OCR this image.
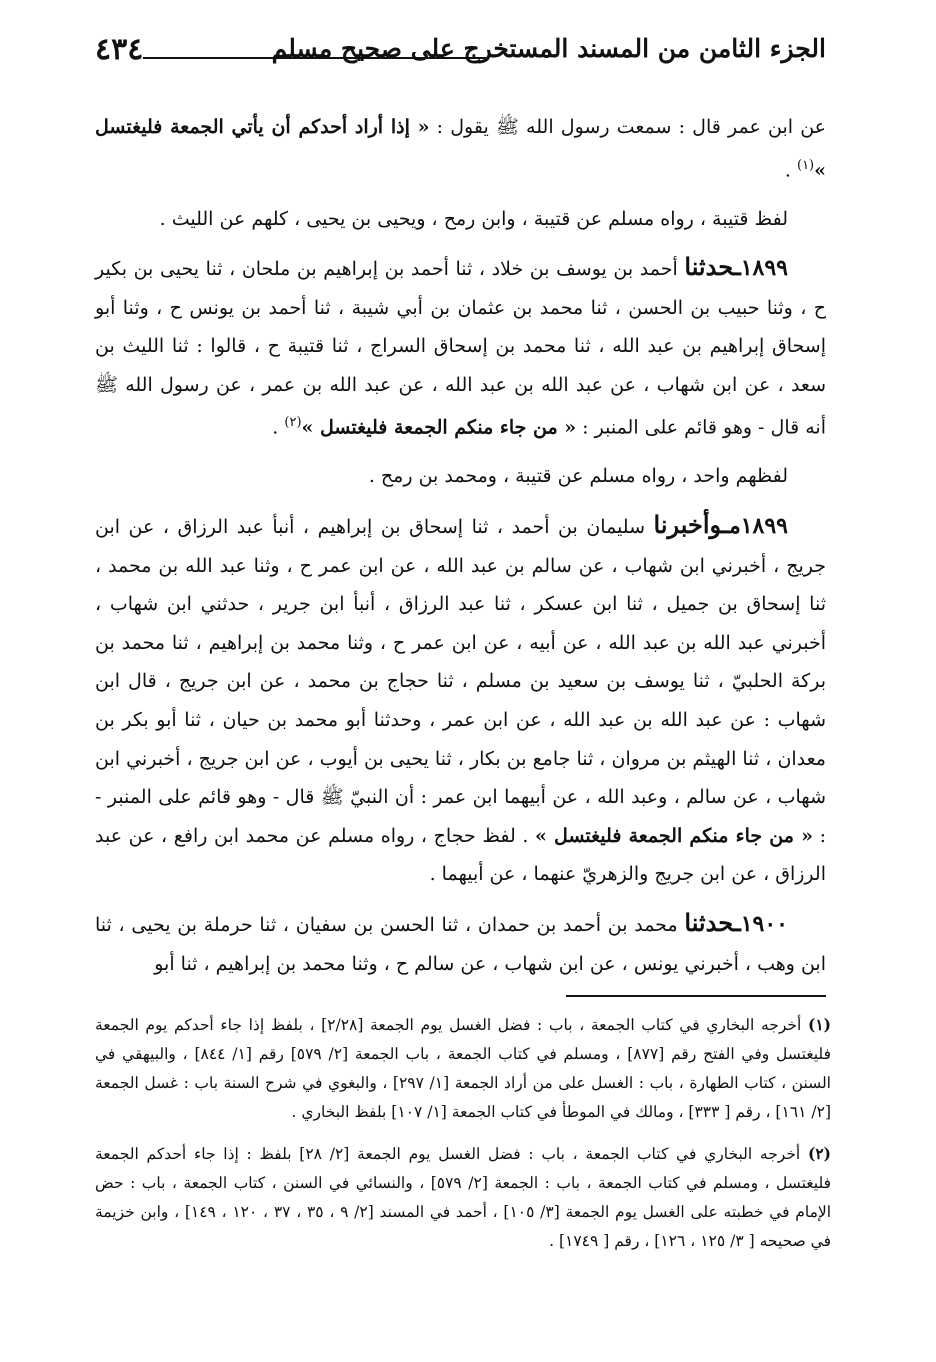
الجزء الثامن من المسند المستخرج على صحيح مسلم
٤٣٤

عن ابن عمر قال : سمعت رسول الله ﷺ يقول : « إذا أراد أحدكم أن يأتي الجمعة فليغتسل »$^{(١)}$ .

لفظ قتيبة ، رواه مسلم عن قتيبة ، وابن رمح ، ويحيى بن يحيى ، كلهم عن الليث .

١٨٩٩ـحدثنا أحمد بن يوسف بن خلاد ، ثنا أحمد بن إبراهيم بن ملحان ، ثنا يحيى بن بكير ح ، وثنا حبيب بن الحسن ، ثنا محمد بن عثمان بن أبي شيبة ، ثنا أحمد بن يونس ح ، وثنا أبو إسحاق إبراهيم بن عبد الله ، ثنا محمد بن إسحاق السراج ، ثنا قتيبة ح ، قالوا : ثنا الليث بن سعد ، عن ابن شهاب ، عن عبد الله بن عبد الله ، عن عبد الله بن عمر ، عن رسول الله ﷺ أنه قال - وهو قائم على المنبر : « من جاء منكم الجمعة فليغتسل »$^{(٢)}$ .

لفظهم واحد ، رواه مسلم عن قتيبة ، ومحمد بن رمح .

١٨٩٩مـوأخبرنا سليمان بن أحمد ، ثنا إسحاق بن إبراهيم ، أنبأ عبد الرزاق ، عن ابن جريج ، أخبرني ابن شهاب ، عن سالم بن عبد الله ، عن ابن عمر ح ، وثنا عبد الله بن محمد ، ثنا إسحاق بن جميل ، ثنا ابن عسكر ، ثنا عبد الرزاق ، أنبأ ابن جرير ، حدثني ابن شهاب ، أخبرني عبد الله بن عبد الله ، عن أبيه ، عن ابن عمر ح ، وثنا محمد بن إبراهيم ، ثنا محمد بن بركة الحلبيّ ، ثنا يوسف بن سعيد بن مسلم ، ثنا حجاج بن محمد ، عن ابن جريج ، قال ابن شهاب : عن عبد الله بن عبد الله ، عن ابن عمر ، وحدثنا أبو محمد بن حيان ، ثنا أبو بكر بن معدان ، ثنا الهيثم بن مروان ، ثنا جامع بن بكار ، ثنا يحيى بن أيوب ، عن ابن جريج ، أخبرني ابن شهاب ، عن سالم ، وعبد الله ، عن أبيهما ابن عمر : أن النبيّ ﷺ قال - وهو قائم على المنبر - : « من جاء منكم الجمعة فليغتسل » . لفظ حجاج ، رواه مسلم عن محمد ابن رافع ، عن عبد الرزاق ، عن ابن جريج والزهريّ عنهما ، عن أبيهما .

١٩٠٠ـحدثنا محمد بن أحمد بن حمدان ، ثنا الحسن بن سفيان ، ثنا حرملة بن يحيى ، ثنا ابن وهب ، أخبرني يونس ، عن ابن شهاب ، عن سالم ح ، وثنا محمد بن إبراهيم ، ثنا أبو

(١) أخرجه البخاري في كتاب الجمعة ، باب : فضل الغسل يوم الجمعة [٢/٢٨] ، بلفظ إذا جاء أحدكم يوم الجمعة فليغتسل وفي الفتح رقم [٨٧٧] ، ومسلم في كتاب الجمعة ، باب الجمعة [٢/ ٥٧٩] رقم [١/ ٨٤٤] ، والبيهقي في السنن ، كتاب الطهارة ، باب : الغسل على من أراد الجمعة [١/ ٢٩٧] ، والبغوي في شرح السنة باب : غسل الجمعة [٢/ ١٦١] ، رقم [ ٣٣٣] ، ومالك في الموطأ في كتاب الجمعة [١/ ١٠٧] بلفظ البخاري .

(٢) أخرجه البخاري في كتاب الجمعة ، باب : فضل الغسل يوم الجمعة [٢/ ٢٨] بلفظ : إذا جاء أحدكم الجمعة فليغتسل ، ومسلم في كتاب الجمعة ، باب : الجمعة [٢/ ٥٧٩] ، والنسائي في السنن ، كتاب الجمعة ، باب : حض الإمام في خطبته على الغسل يوم الجمعة [٣/ ١٠٥] ، أحمد في المسند [٢/ ٩ ، ٣٥ ، ٣٧ ، ١٢٠ ، ١٤٩] ، وابن خزيمة في صحيحه [ ٣/ ١٢٥ ، ١٢٦] ، رقم [ ١٧٤٩] .
